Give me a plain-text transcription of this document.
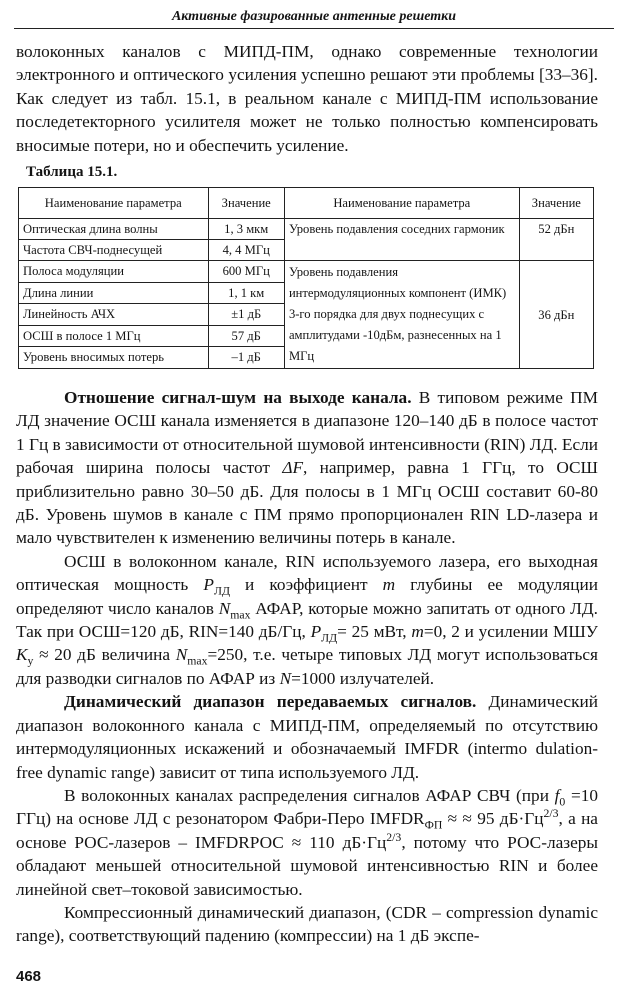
Активные фазированные антенные решетки

волоконных каналов с МИПД-ПМ, однако современные технологии электронного и оптического усиления успешно решают эти проблемы [33–36]. Как следует из табл. 15.1, в реальном канале с МИПД-ПМ использование последетекторного усилителя может не только полностью компенсировать вносимые потери, но и обеспечить усиление.

Таблица 15.1.
Наименование параметра	Значение	Наименование параметра	Значение
Оптическая длина волны	1, 3 мкм	Уровень подавления соседних гармоник	52 дБн
Частота СВЧ-поднесущей	4, 4 МГц		
Полоса модуляции	600 МГц	Уровень подавления интермодуляционных компонент (ИМК) 3-го порядка для двух поднесущих с амплитудами -10дБм, разнесенных на 1 МГц	36 дБн
Длина линии	1, 1 км		
Линейность АЧХ	±1 дБ		
ОСШ в полосе 1 МГц	57 дБ		
Уровень вносимых потерь	–1 дБ		

Отношение сигнал-шум на выходе канала. В типовом режиме ПМ ЛД значение ОСШ канала изменяется в диапазоне 120–140 дБ в полосе частот 1 Гц в зависимости от относительной шумовой интенсивности (RIN) ЛД. Если рабочая ширина полосы частот ΔF, например, равна 1 ГГц, то ОСШ приблизительно равно 30–50 дБ. Для полосы в 1 МГц ОСШ составит 60-80 дБ. Уровень шумов в канале с ПМ прямо пропорционален RIN LD-лазера и мало чувствителен к изменению величины потерь в канале.

ОСШ в волоконном канале, RIN используемого лазера, его выходная оптическая мощность $P_{ЛД}$ и коэффициент m глубины ее модуляции определяют число каналов $N_{max}$ АФАР, которые можно запитать от одного ЛД. Так при ОСШ=120 дБ, RIN=140 дБ/Гц, $P_{ЛД}= 25$ мВт, m=0, 2 и усилении МШУ $K_y \approx 20$ дБ величина $N_{max}=250$, т.е. четыре типовых ЛД могут использоваться для разводки сигналов по АФАР из N=1000 излучателей.

Динамический диапазон передаваемых сигналов. Динамический диапазон волоконного канала с МИПД-ПМ, определяемый по отсутствию интермодуляционных искажений и обозначаемый IMFDR (intermo dulation-free dynamic range) зависит от типа используемого ЛД.

В волоконных каналах распределения сигналов АФАР СВЧ (при $f_0 =10$ ГГц) на основе ЛД с резонатором Фабри-Перо $IMFDR_{ФП}$ ≈ ≈ 95 $дБ\cdot Гц^{2/3}$, а на основе РОС-лазеров – IMFDRРОС ≈ 110 $дБ\cdot Гц^{2/3}$, потому что РОС-лазеры обладают меньшей относительной шумовой интенсивностью RIN и более линейной свет–токовой зависимостью.

Компрессионный динамический диапазон, (CDR – compression dynamic range), соответствующий падению (компрессии) на 1 дБ экспе-

468
